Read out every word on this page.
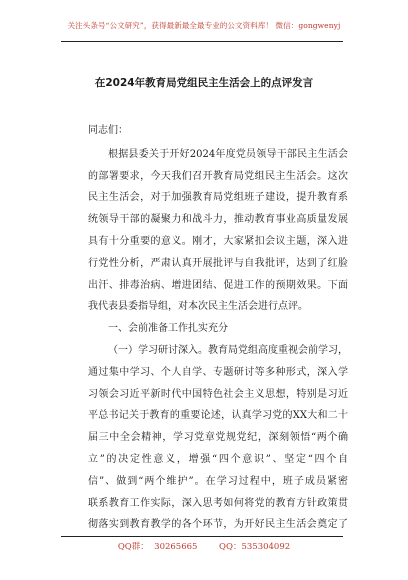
关注头条号“公文研究”，获得最新最全最专业的公文资料库！ 微信：gongwenyj
在2024年教育局党组民主生活会上的点评发言
同志们：
根据县委关于开好2024年度党员领导干部民主生活会
的部署要求，今天我们召开教育局党组民主生活会。这次
民主生活会，对于加强教育局党组班子建设，提升教育系
统领导干部的凝聚力和战斗力，推动教育事业高质量发展
具有十分重要的意义。刚才，大家紧扣会议主题，深入进
行党性分析，严肃认真开展批评与自我批评，达到了红脸
出汗、排毒治病、增进团结、促进工作的预期效果。下面
我代表县委指导组，对本次民主生活会进行点评。
一、会前准备工作扎实充分
（一）学习研讨深入。教育局党组高度重视会前学习，
通过集中学习、个人自学、专题研讨等多种形式，深入学
习领会习近平新时代中国特色社会主义思想，特别是习近
平总书记关于教育的重要论述，认真学习党的XX大和二十
届三中全会精神，学习党章党规党纪，深刻领悟“两个确
立”的决定性意义，增强“四个意识”、坚定“四个自
信”、做到“两个维护”。在学习过程中，班子成员紧密
联系教育工作实际，深入思考如何将党的教育方针政策贯
彻落实到教育教学的各个环节，为开好民主生活会奠定了
QQ群：  30265665        QQ：535304092
